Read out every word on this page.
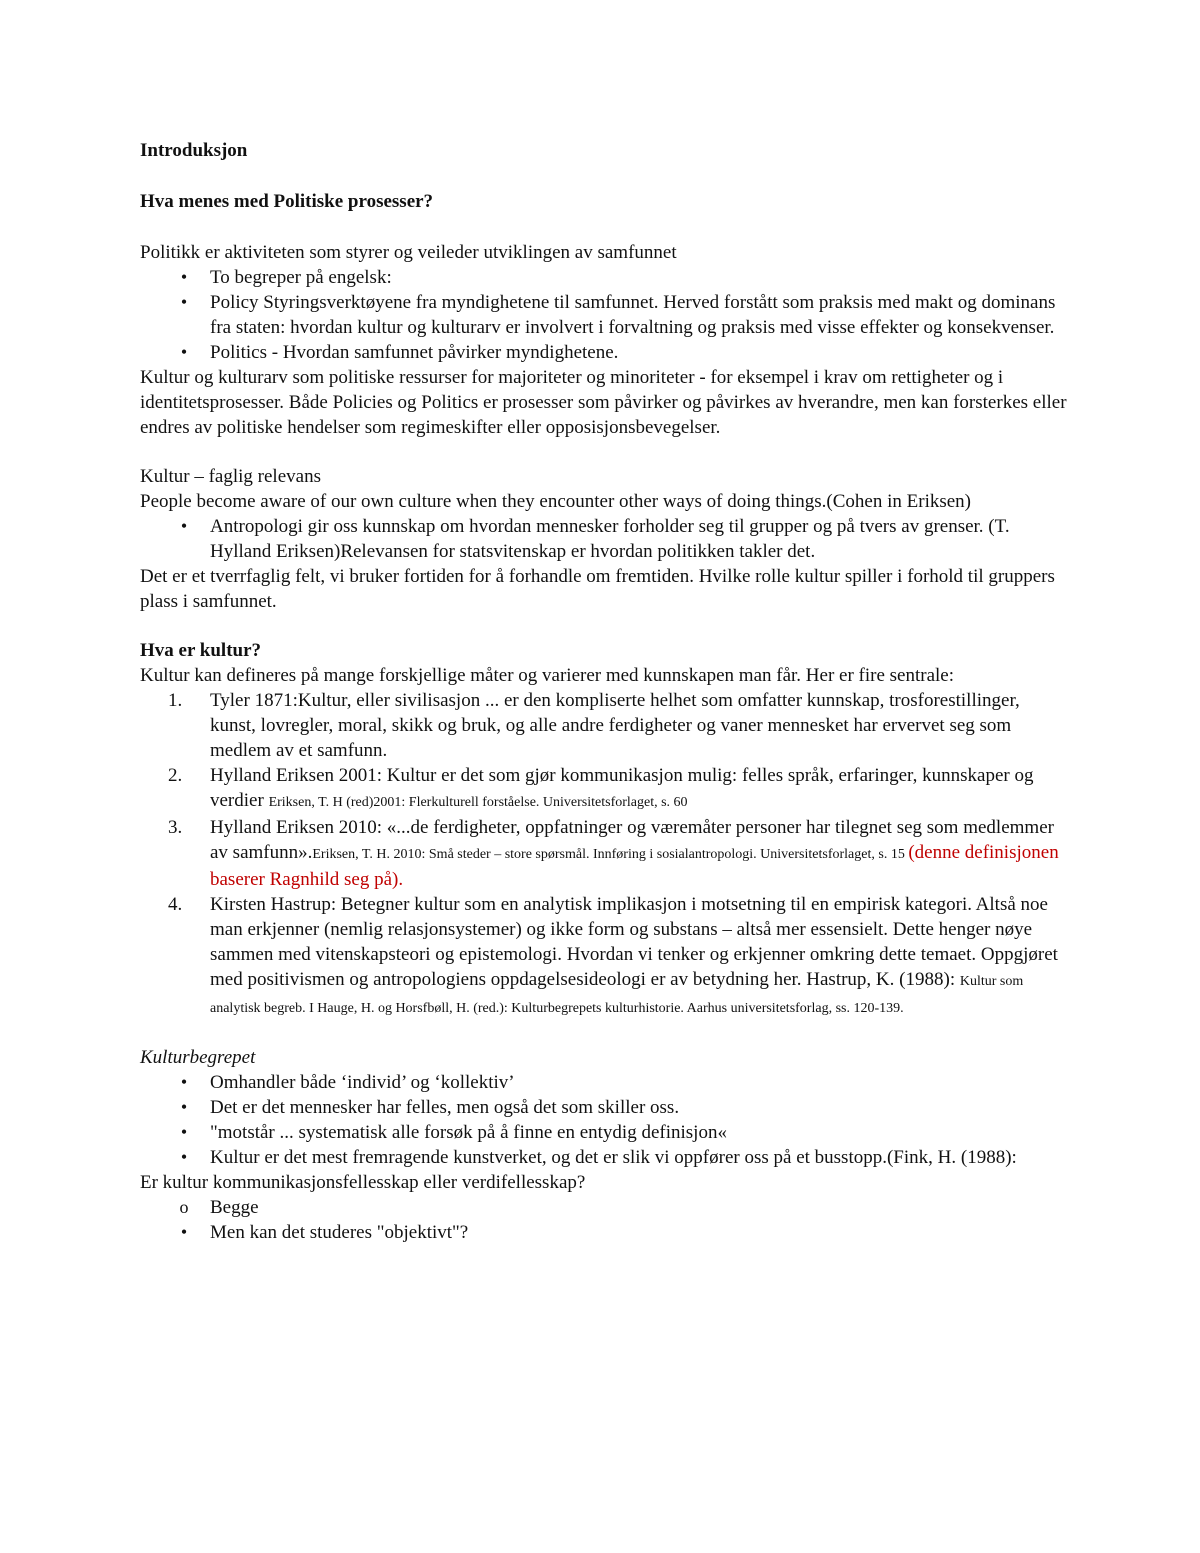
Introduksjon

Hva menes med Politiske prosesser?

Politikk er aktiviteten som styrer og veileder utviklingen av samfunnet

•	To begreper på engelsk:
•	Policy Styringsverktøyene fra myndighetene til samfunnet. Herved forstått som praksis med makt og dominans fra staten: hvordan kultur og kulturarv er involvert i forvaltning og praksis med visse effekter og konsekvenser.
•	Politics - Hvordan samfunnet påvirker myndighetene.

Kultur og kulturarv som politiske ressurser for majoriteter og minoriteter - for eksempel i krav om rettigheter og i identitetsprosesser. Både Policies og Politics er prosesser som påvirker og påvirkes av hverandre, men kan forsterkes eller endres av politiske hendelser som regimeskifter eller opposisjonsbevegelser.

Kultur – faglig relevans

People become aware of our own culture when they encounter other ways of doing things.(Cohen in Eriksen)

•	Antropologi gir oss kunnskap om hvordan mennesker forholder seg til grupper og på tvers av grenser. (T. Hylland Eriksen)Relevansen for statsvitenskap er hvordan politikken takler det.

Det er et tverrfaglig felt, vi bruker fortiden for å forhandle om fremtiden. Hvilke rolle kultur spiller i forhold til gruppers plass i samfunnet.

Hva er kultur?

Kultur kan defineres på mange forskjellige måter og varierer med kunnskapen man får. Her er fire sentrale:

1.	Tyler 1871:Kultur, eller sivilisasjon ... er den kompliserte helhet som omfatter kunnskap, trosforestillinger, kunst, lovregler, moral, skikk og bruk, og alle andre ferdigheter og vaner mennesket har ervervet seg som medlem av et samfunn.
2.	Hylland Eriksen 2001: Kultur er det som gjør kommunikasjon mulig: felles språk, erfaringer, kunnskaper og verdier Eriksen, T. H (red)2001: Flerkulturell forståelse. Universitetsforlaget, s. 60
3.	Hylland Eriksen 2010: «...de ferdigheter, oppfatninger og væremåter personer har tilegnet seg som medlemmer av samfunn».Eriksen, T. H. 2010: Små steder – store spørsmål. Innføring i sosialantropologi. Universitetsforlaget, s. 15 (denne definisjonen baserer Ragnhild seg på).
4.	Kirsten Hastrup: Betegner kultur som en analytisk implikasjon i motsetning til en empirisk kategori. Altså noe man erkjenner (nemlig relasjonsystemer) og ikke form og substans – altså mer essensielt. Dette henger nøye sammen med vitenskapsteori og epistemologi. Hvordan vi tenker og erkjenner omkring dette temaet. Oppgjøret med positivismen og antropologiens oppdagelsesideologi er av betydning her. Hastrup, K. (1988): Kultur som analytisk begreb. I Hauge, H. og Horsfbøll, H. (red.): Kulturbegrepets kulturhistorie. Aarhus universitetsforlag, ss. 120-139.

Kulturbegrepet

•	Omhandler både ‘individ’ og ‘kollektiv’
•	Det er det mennesker har felles, men også det som skiller oss.
•	"motstår ... systematisk alle forsøk på å finne en entydig definisjon«
•	Kultur er det mest fremragende kunstverket, og det er slik vi oppfører oss på et busstopp.(Fink, H. (1988):

Er kultur kommunikasjonsfellesskap eller verdifellesskap?

o Begge
•	Men kan det studeres "objektivt"?
